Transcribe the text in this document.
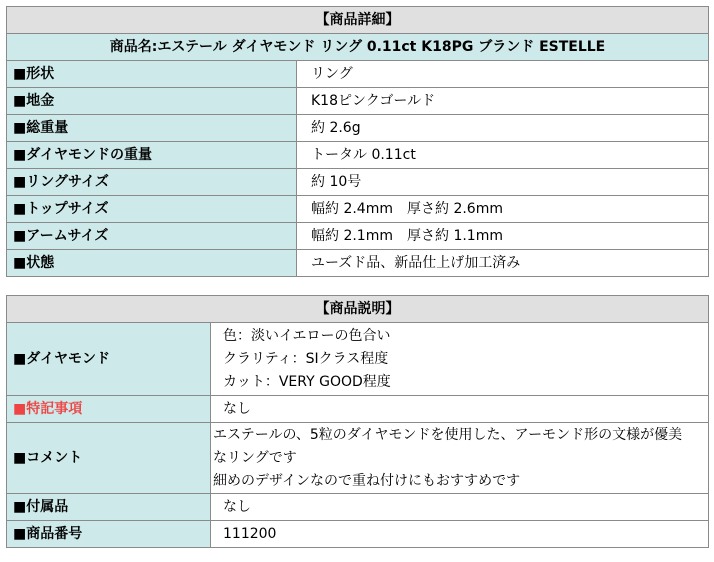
【商品詳細】	
商品名:エステール ダイヤモンド リング 0.11ct K18PG ブランド ESTELLE	
■形状	リング
■地金	K18ピンクゴールド
■総重量	約 2.6g
■ダイヤモンドの重量	トータル 0.11ct
■リングサイズ	約 10号
■トップサイズ	幅約 2.4mm　厚さ約 2.6mm
■アームサイズ	幅約 2.1mm　厚さ約 1.1mm
■状態	ユーズド品、新品仕上げ加工済み
【商品説明】	
■ダイヤモンド	色：淡いイエローの色合い
クラリティ：SIクラス程度
カット：VERY GOOD程度

■特記事項	なし
■コメント	エステールの、5粒のダイヤモンドを使用した、アーモンド形の文様が優美
なリングです
細めのデザインなので重ね付けにもおすすめです

■付属品	なし
■商品番号	111200
